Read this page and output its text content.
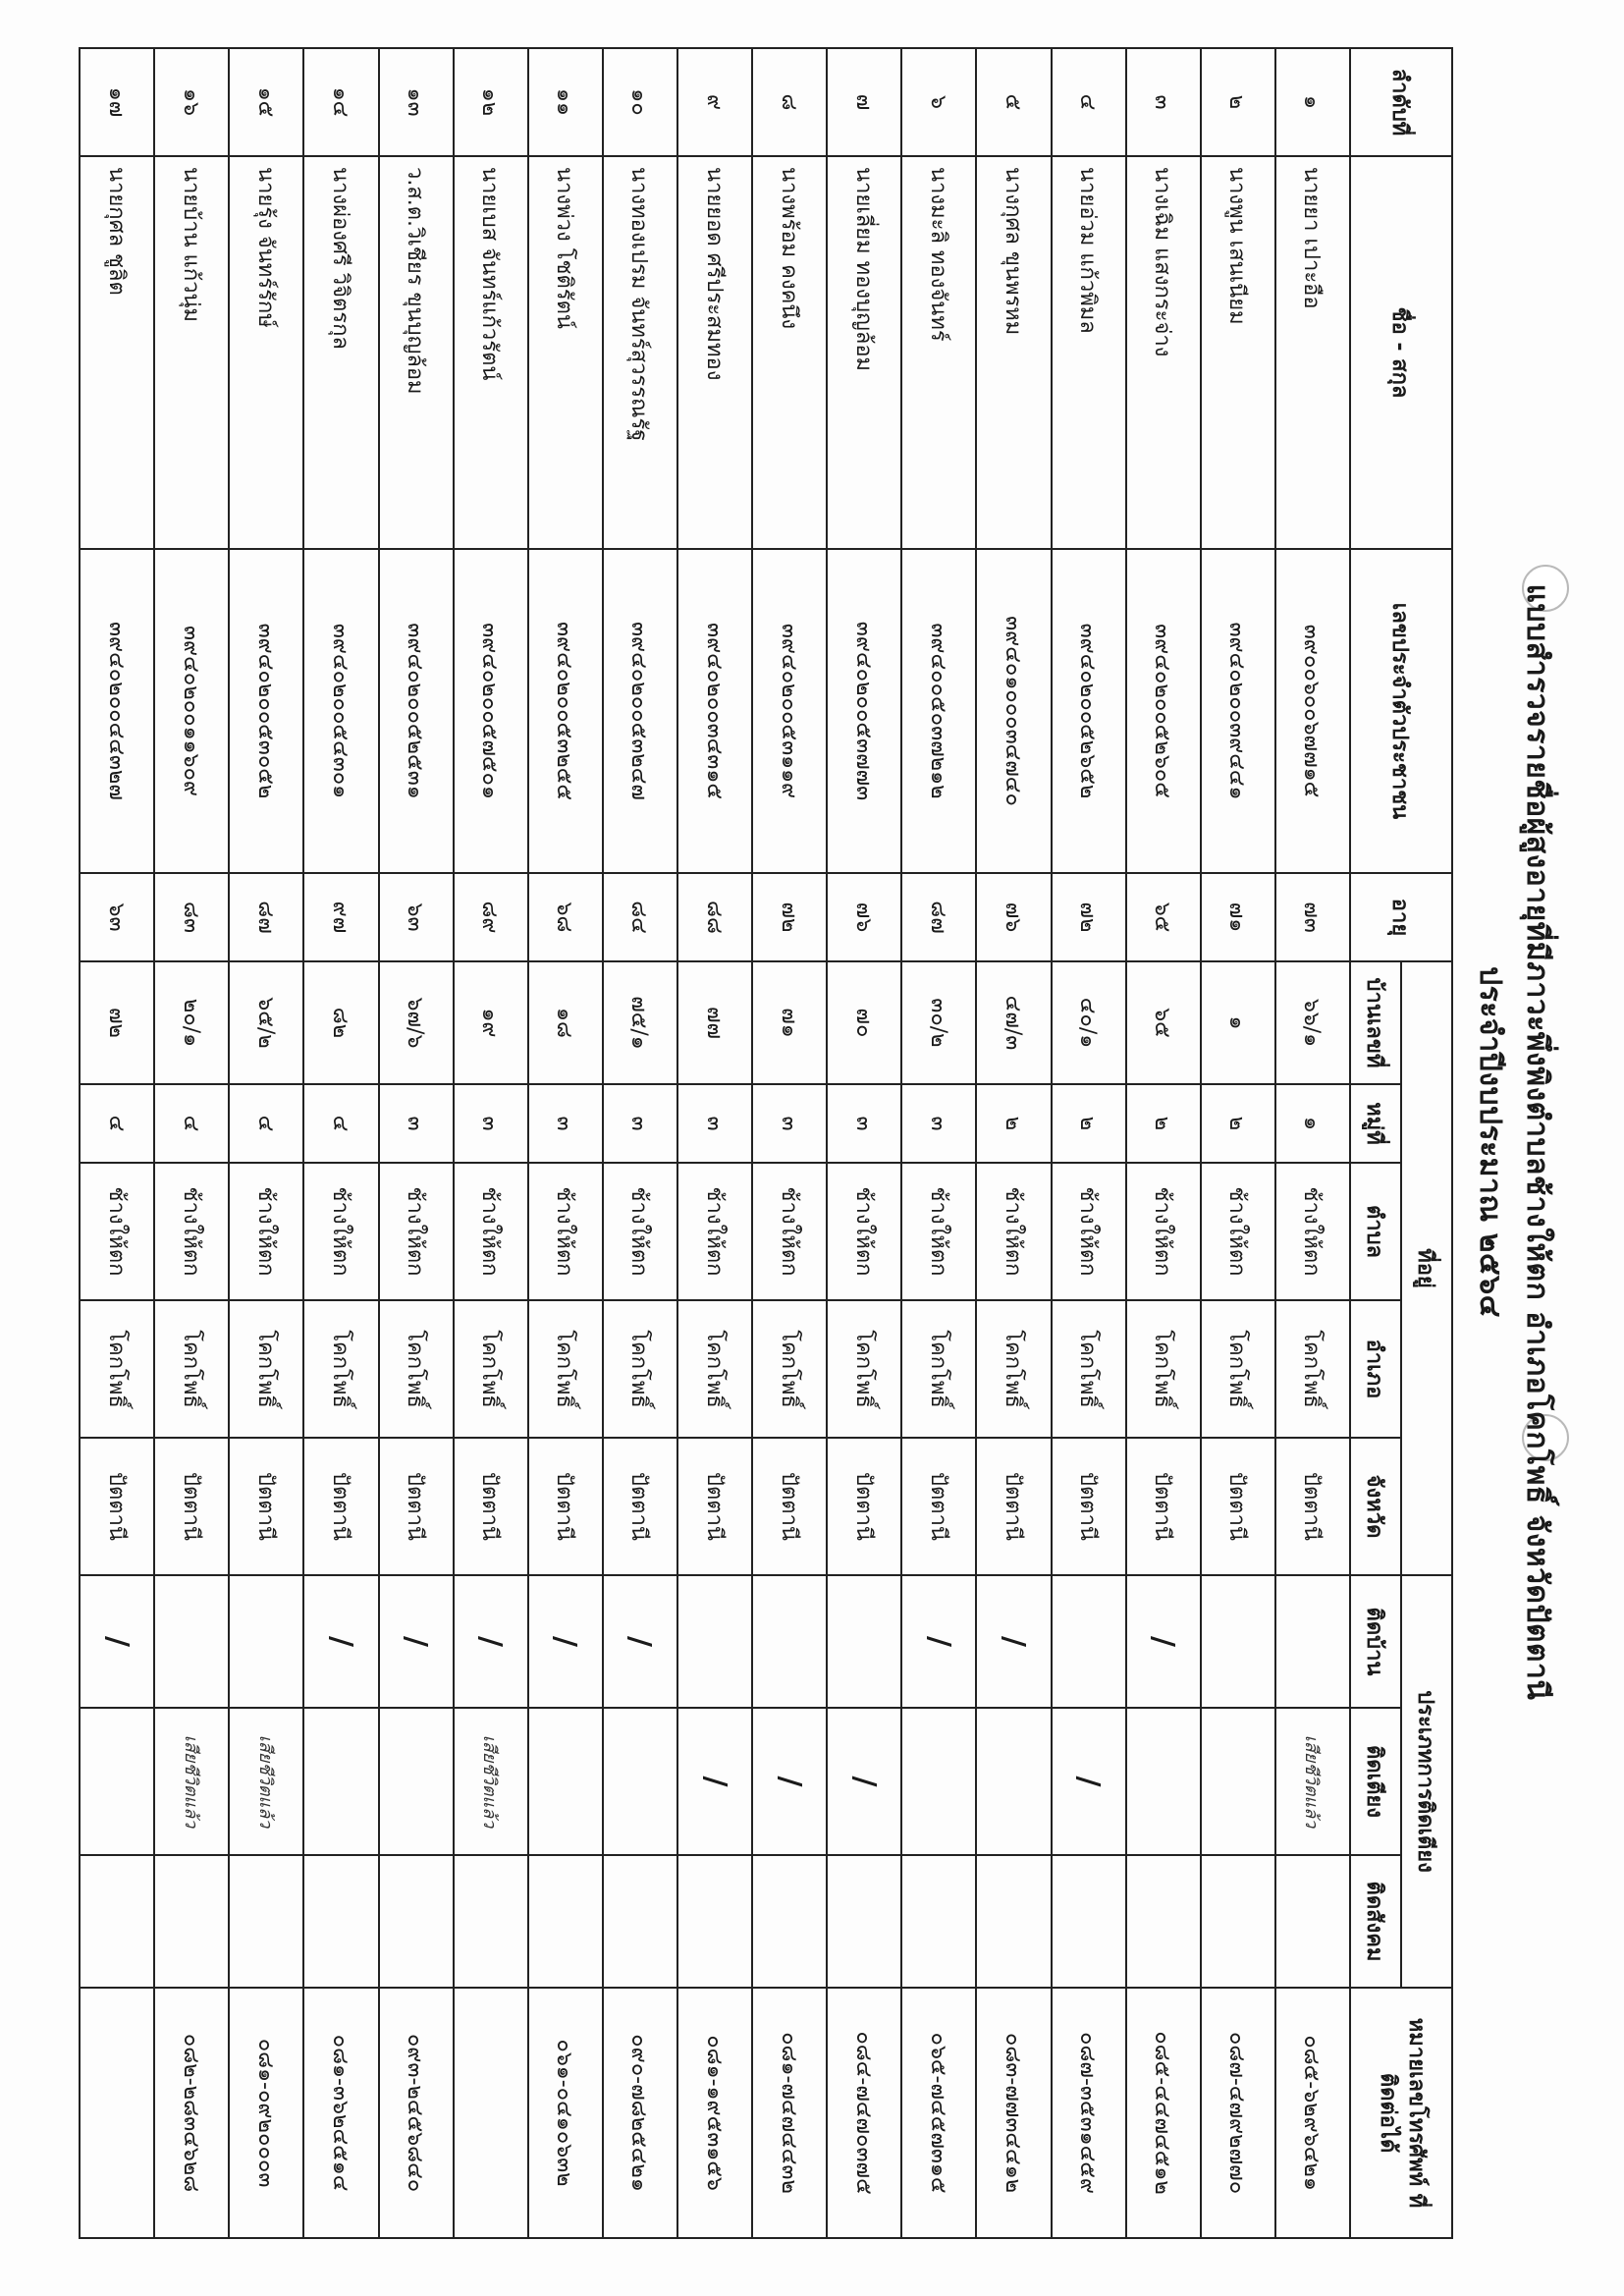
แบบสำรวจรายชื่อผู้สูงอายุที่มีภาวะพึ่งพิงตำบลช้างให้ตก อำเภอโคกโพธิ์ จังหวัดปัตตานี
ประจำปีงบประมาณ ๒๕๖๔
ลำดับที่	ชื่อ - สกุล	เลขประจำตัวประชาชน	อายุ	ที่อยู่					ประเภทการติดเตียง			หมายเลขโทรศัพท์ ที่ติดต่อได้
				บ้านเลขที่	หมู่ที่	ตำบล	อำเภอ	จังหวัด	ติดบ้าน	ติดเตียง	ติดสังคม	
๑	นายยา เปาะอือ	๓๙๐๐๖๐๐๖๗๗๑๕	๗๓	๖๖/๑	๑	ช้างให้ตก	โคกโพธิ์	ปัตตานี		เสียชีวิตแล้ว		๐๘๕-๖๒๙๖๔๒๑
๒	นางพูน เสนเนียม	๓๙๔๐๒๐๐๓๙๔๔๑	๗๑	๑	๒	ช้างให้ตก	โคกโพธิ์	ปัตตานี				๐๘๗-๔๗๙๒๗๗๐
๓	นางเฉิม แสงกระจ่าง	๓๙๔๐๒๐๐๕๒๖๐๕	๖๕	๖๕	๒	ช้างให้ตก	โคกโพธิ์	ปัตตานี	/			๐๘๕-๔๔๗๔๕๑๒
๔	นายอ่วม แก้วพิมล	๓๙๔๐๒๐๐๕๒๖๕๒	๗๒	๔๐/๑	๒	ช้างให้ตก	โคกโพธิ์	ปัตตานี		/		๐๘๗-๓๕๓๑๔๕๙
๕	นางกุศล ขุนพรหม	๓๙๔๐๑๐๐๐๓๔๗๔๐	๗๖	๔๗/๓	๒	ช้างให้ตก	โคกโพธิ์	ปัตตานี	/			๐๘๓-๗๗๓๔๔๑๒
๖	นางมะลิ ทองจันทร์	๓๙๔๐๐๕๐๓๗๒๑๒	๘๗	๓๐/๒	๓	ช้างให้ตก	โคกโพธิ์	ปัตตานี	/			๐๖๕-๗๔๕๗๓๑๕
๗	นายเลี่ยม ทองบุญล้อม	๓๙๔๐๒๐๐๕๓๗๗๓	๗๖	๗๐	๓	ช้างให้ตก	โคกโพธิ์	ปัตตานี		/		๐๘๔-๗๔๗๐๓๗๕
๘	นางพร้อม คงคนึง	๓๙๔๐๒๐๐๕๓๑๑๙	๗๒	๗๑	๓	ช้างให้ตก	โคกโพธิ์	ปัตตานี		/		๐๘๑-๗๔๗๔๔๓๒
๙	นายยอด ศรีประสมทอง	๓๙๔๐๒๐๐๓๔๓๑๕	๘๘	๗๗	๓	ช้างให้ตก	โคกโพธิ์	ปัตตานี		/		๐๘๑-๑๙๕๓๑๕๖
๑๐	นางทองเปรม จันทร์สุวรรณรัฐ	๓๙๔๐๒๐๐๕๓๒๔๗	๘๔	๗๕/๑	๓	ช้างให้ตก	โคกโพธิ์	ปัตตานี	/			๐๙๐-๗๘๒๕๔๒๑
๑๑	นางพ่วง โชติรัตน์	๓๙๔๐๒๐๐๕๓๒๕๕	๖๘	๑๘	๓	ช้างให้ตก	โคกโพธิ์	ปัตตานี	/			๐๖๑-๐๔๑๐๖๓๒
๑๒	นายเบส จันทร์แก้วรัตน์	๓๙๔๐๒๐๐๕๗๕๐๑	๘๙	๑๙	๓	ช้างให้ตก	โคกโพธิ์	ปัตตานี	/	เสียชีวิตแล้ว		
๑๓	ว.ส.ต.วิเชียร ขุนบุญล้อม	๓๙๔๐๒๐๐๕๒๕๓๑	๖๓	๖๗/๖	๓	ช้างให้ตก	โคกโพธิ์	ปัตตานี	/			๐๙๓-๒๔๕๖๘๔๐
๑๔	นางผ่องศรี วิจิตรกุล	๓๙๔๐๒๐๐๕๔๓๐๑	๙๗	๘๒	๔	ช้างให้ตก	โคกโพธิ์	ปัตตานี	/			๐๘๑-๓๖๒๔๕๑๔
๑๕	นายรุ้ง จันทร์รักษ์	๓๙๔๐๒๐๐๕๓๐๕๒	๘๗	๖๕/๒	๔	ช้างให้ตก	โคกโพธิ์	ปัตตานี		เสียชีวิตแล้ว		๐๘๑-๐๙๒๐๐๐๓
๑๖	นายบ้าน แก้วนุ่ม	๓๙๔๐๒๐๐๑๑๖๐๙	๘๓	๒๐/๑	๔	ช้างให้ตก	โคกโพธิ์	ปัตตานี		เสียชีวิตแล้ว		๐๘๒-๒๘๓๔๖๒๘
๑๗	นายกุศล ชูลิต	๓๙๔๐๒๐๐๔๔๓๒๗	๖๓	๗๒	๔	ช้างให้ตก	โคกโพธิ์	ปัตตานี	/			
